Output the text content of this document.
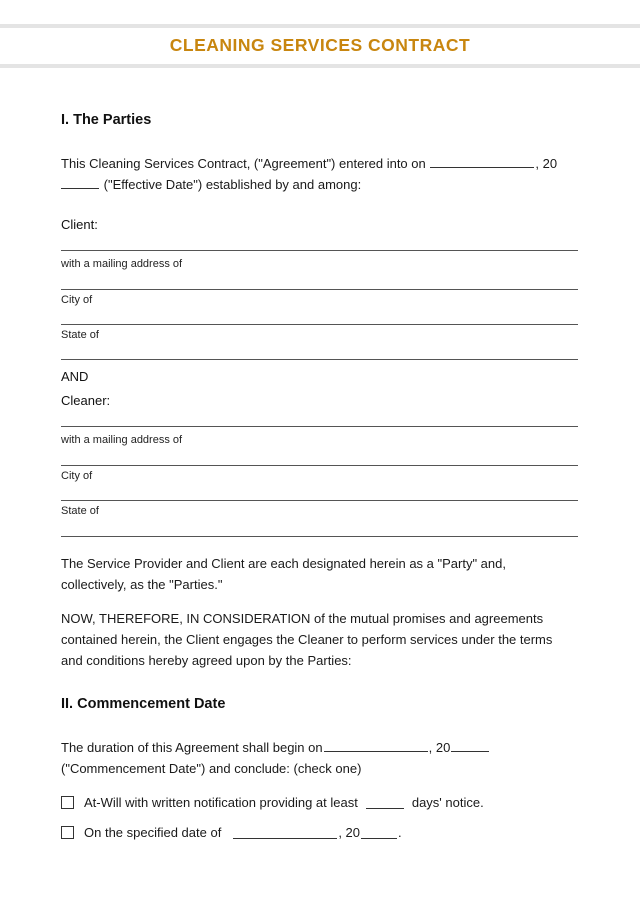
CLEANING SERVICES CONTRACT
I. The Parties
This Cleaning Services Contract, ("Agreement") entered into on	, 20
("Effective Date") established by and among:
Client:
with a mailing address of
City of
State of
AND
Cleaner:
with a mailing address of
City of
State of
The Service Provider and Client are each designated herein as a "Party" and, collectively, as the "Parties."
NOW, THEREFORE, IN CONSIDERATION of the mutual promises and agreements contained herein, the Client engages the Cleaner to perform services under the terms and conditions hereby agreed upon by the Parties:
II. Commencement Date
The duration of this Agreement shall begin on	, 20
("Commencement Date") and conclude: (check one)
At-Will with written notification providing at least	days' notice.
On the specified date of	, 20	.
